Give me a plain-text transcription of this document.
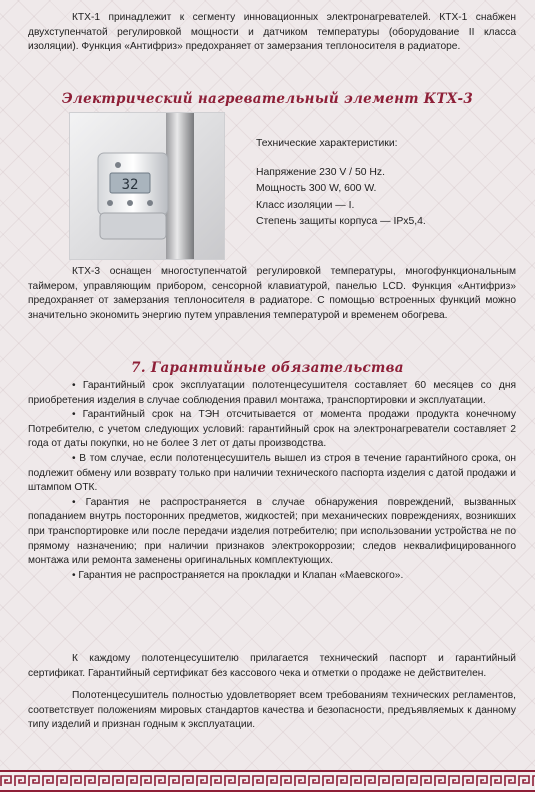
КТХ-1 принадлежит к сегменту инновационных электронагревателей. КТХ-1 снабжен двухступенчатой регулировкой мощности и датчиком температуры (оборудование II класса изоляции). Функция «Антифриз» предохраняет от замерзания теплоносителя в радиаторе.

Электрический нагревательный элемент КТХ-3
32
Технические характеристики:
Напряжение 230 V / 50 Hz.
Мощность 300 W, 600 W.
Класс изоляции — I.
Степень защиты корпуса — IPx5,4.

КТХ-3 оснащен многоступенчатой регулировкой температуры, многофункциональным таймером, управляющим прибором, сенсорной клавиатурой, панелью LCD. Функция «Антифриз» предохраняет от замерзания теплоносителя в радиаторе. С помощью встроенных функций можно значительно экономить энергию путем управления температурой и временем обогрева.

7. Гарантийные обязательства

• Гарантийный срок эксплуатации полотенцесушителя составляет 60 месяцев со дня приобретения изделия в случае соблюдения правил монтажа, транспортировки и эксплуатации.

• Гарантийный срок на ТЭН отсчитывается от момента продажи продукта конечному Потребителю, с учетом следующих условий: гарантийный срок на электронагреватели составляет 2 года от даты покупки, но не более 3 лет от даты производства.

• В том случае, если полотенцесушитель вышел из строя в течение гарантийного срока, он подлежит обмену или возврату только при наличии технического паспорта изделия с датой продажи и штампом ОТК.

• Гарантия не распространяется в случае обнаружения повреждений, вызванных попаданием внутрь посторонних предметов, жидкостей; при механических повреждениях, возникших при транспортировке или после передачи изделия потребителю; при использовании устройства не по прямому назначению; при наличии признаков электрокоррозии; следов неквалифицированного монтажа или ремонта заменены оригинальных комплектующих.

• Гарантия не распространяется на прокладки и Клапан «Маевского».

К каждому полотенцесушителю прилагается технический паспорт и гарантийный сертификат. Гарантийный сертификат без кассового чека и отметки о продаже не действителен.

Полотенцесушитель полностью удовлетворяет всем требованиям технических регламентов, соответствует положениям мировых стандартов качества и безопасности, предъявляемых к данному типу изделий и признан годным к эксплуатации.
